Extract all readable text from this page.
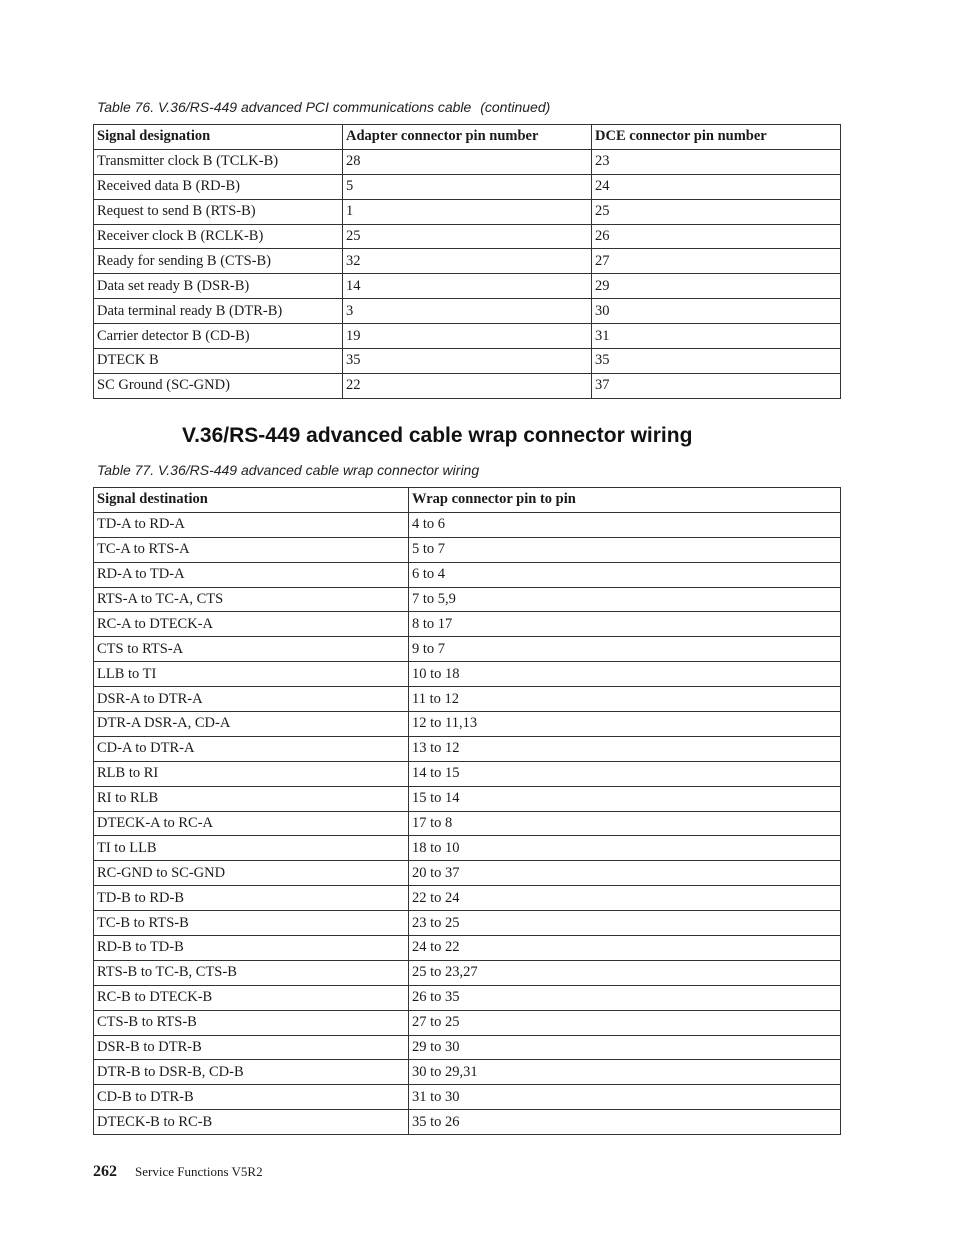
Table 76. V.36/RS-449 advanced PCI communications cable (continued)
Signal designation	Adapter connector pin number	DCE connector pin number
Transmitter clock B (TCLK-B)	28	23
Received data B (RD-B)	5	24
Request to send B (RTS-B)	1	25
Receiver clock B (RCLK-B)	25	26
Ready for sending B (CTS-B)	32	27
Data set ready B (DSR-B)	14	29
Data terminal ready B (DTR-B)	3	30
Carrier detector B (CD-B)	19	31
DTECK B	35	35
SC Ground (SC-GND)	22	37
V.36/RS-449 advanced cable wrap connector wiring
Table 77. V.36/RS-449 advanced cable wrap connector wiring
Signal destination	Wrap connector pin to pin
TD-A to RD-A	4 to 6
TC-A to RTS-A	5 to 7
RD-A to TD-A	6 to 4
RTS-A to TC-A, CTS	7 to 5,9
RC-A to DTECK-A	8 to 17
CTS to RTS-A	9 to 7
LLB to TI	10 to 18
DSR-A to DTR-A	11 to 12
DTR-A DSR-A, CD-A	12 to 11,13
CD-A to DTR-A	13 to 12
RLB to RI	14 to 15
RI to RLB	15 to 14
DTECK-A to RC-A	17 to 8
TI to LLB	18 to 10
RC-GND to SC-GND	20 to 37
TD-B to RD-B	22 to 24
TC-B to RTS-B	23 to 25
RD-B to TD-B	24 to 22
RTS-B to TC-B, CTS-B	25 to 23,27
RC-B to DTECK-B	26 to 35
CTS-B to RTS-B	27 to 25
DSR-B to DTR-B	29 to 30
DTR-B to DSR-B, CD-B	30 to 29,31
CD-B to DTR-B	31 to 30
DTECK-B to RC-B	35 to 26
262 Service Functions V5R2
